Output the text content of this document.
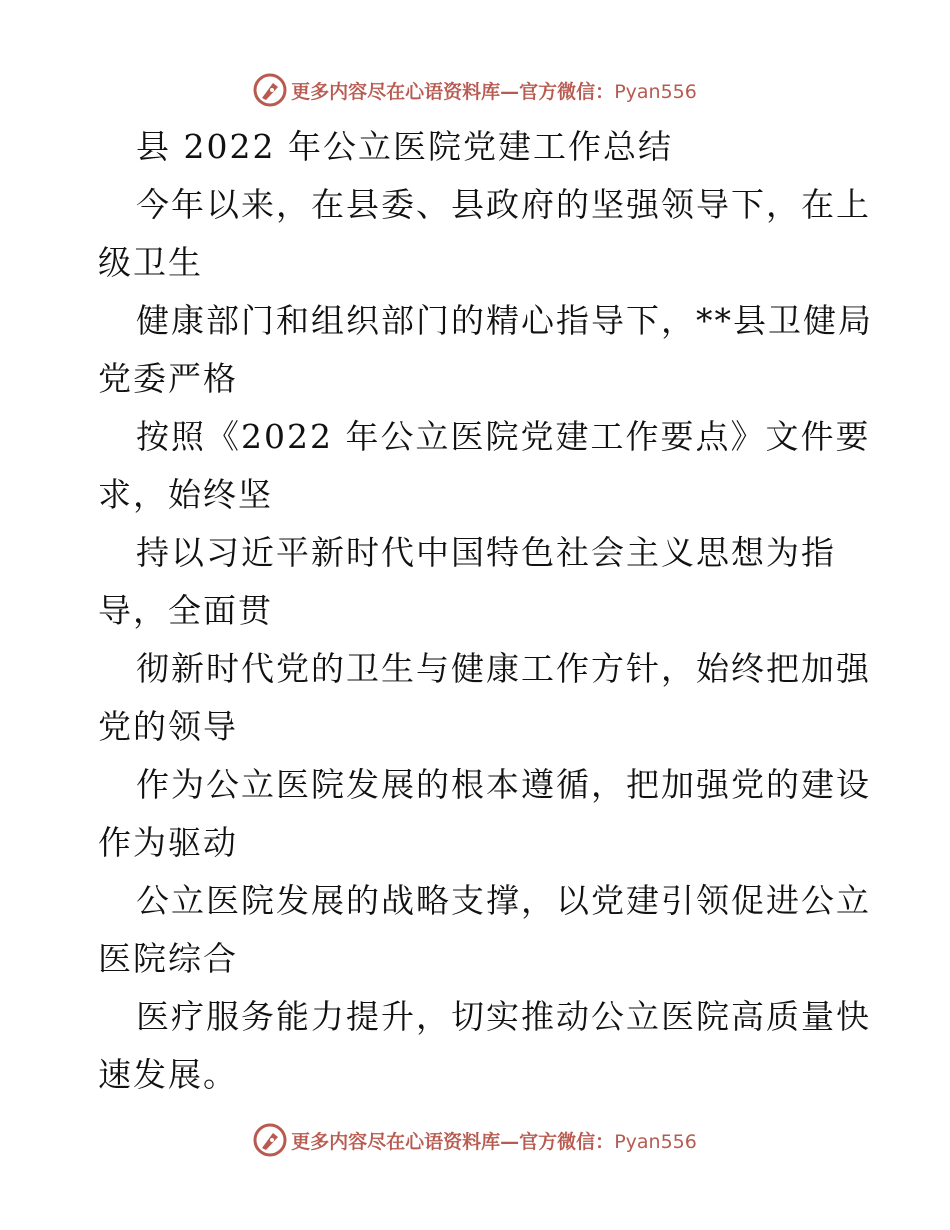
更多内容尽在心语资料库—官方微信：Pyan556
县 2022 年公立医院党建工作总结
今年以来，在县委、县政府的坚强领导下，在上
级卫生
健康部门和组织部门的精心指导下，**县卫健局
党委严格
按照《2022 年公立医院党建工作要点》文件要
求，始终坚
持以习近平新时代中国特色社会主义思想为指
导，全面贯
彻新时代党的卫生与健康工作方针，始终把加强
党的领导
作为公立医院发展的根本遵循，把加强党的建设
作为驱动
公立医院发展的战略支撑，以党建引领促进公立
医院综合
医疗服务能力提升，切实推动公立医院高质量快
速发展。
更多内容尽在心语资料库—官方微信：Pyan556
